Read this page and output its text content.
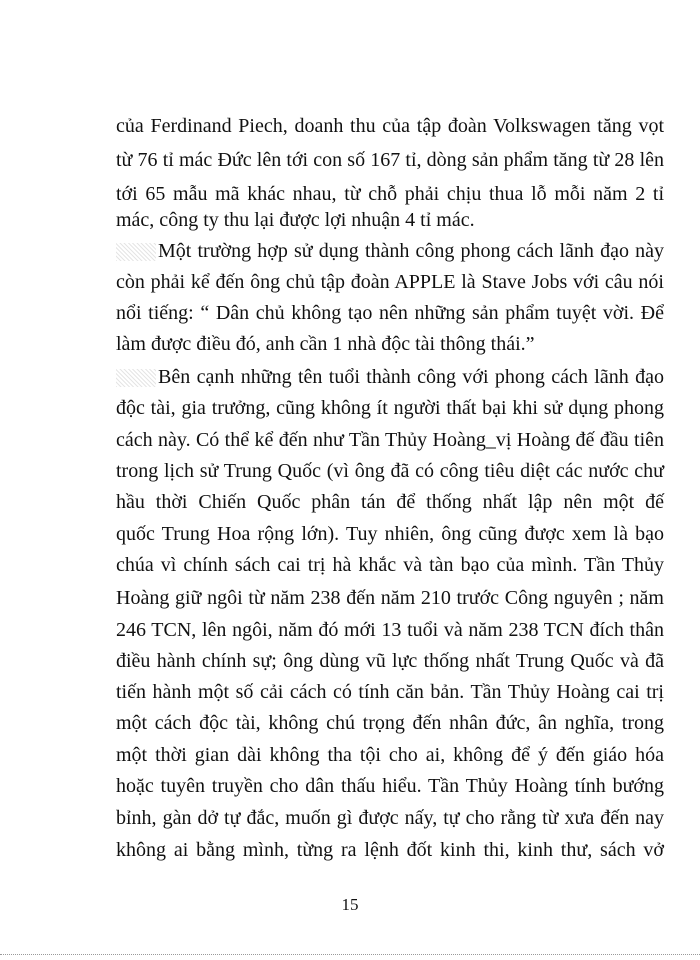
của Ferdinand Piech, doanh thu của tập đoàn Volkswagen tăng vọt
từ 76 tỉ mác Đức lên tới con số 167 tỉ, dòng sản phẩm tăng từ 28 lên
tới 65 mẫu mã khác nhau, từ chỗ phải chịu thua lỗ mỗi năm 2 tỉ
mác, công ty thu lại được lợi nhuận 4 tỉ mác.
Một trường hợp sử dụng thành công phong cách lãnh đạo này
còn phải kể đến ông chủ tập đoàn APPLE là Stave Jobs với câu nói
nổi tiếng: “ Dân chủ không tạo nên những sản phẩm tuyệt vời. Để
làm được điều đó, anh cần 1 nhà độc tài thông thái.”
Bên cạnh những tên tuổi thành công với phong cách lãnh đạo
độc tài, gia trưởng, cũng không ít người thất bại khi sử dụng phong
cách này. Có thể kể đến như Tần Thủy Hoàng_vị Hoàng đế đầu tiên
trong lịch sử Trung Quốc (vì ông đã có công tiêu diệt các nước chư
hầu thời Chiến Quốc phân tán để thống nhất lập nên một đế
quốc Trung Hoa rộng lớn). Tuy nhiên, ông cũng được xem là bạo
chúa vì chính sách cai trị hà khắc và tàn bạo của mình. Tần Thủy
Hoàng giữ ngôi từ năm 238 đến năm 210 trước Công nguyên ; năm
246 TCN, lên ngôi, năm đó mới 13 tuổi và năm 238 TCN đích thân
điều hành chính sự; ông dùng vũ lực thống nhất Trung Quốc và đã
tiến hành một số cải cách có tính căn bản. Tần Thủy Hoàng cai trị
một cách độc tài, không chú trọng đến nhân đức, ân nghĩa, trong
một thời gian dài không tha tội cho ai, không để ý đến giáo hóa
hoặc tuyên truyền cho dân thấu hiểu. Tần Thủy Hoàng tính bướng
bỉnh, gàn dở tự đắc, muốn gì được nấy, tự cho rằng từ xưa đến nay
không ai bằng mình, từng ra lệnh đốt kinh thi, kinh thư, sách vở
15
